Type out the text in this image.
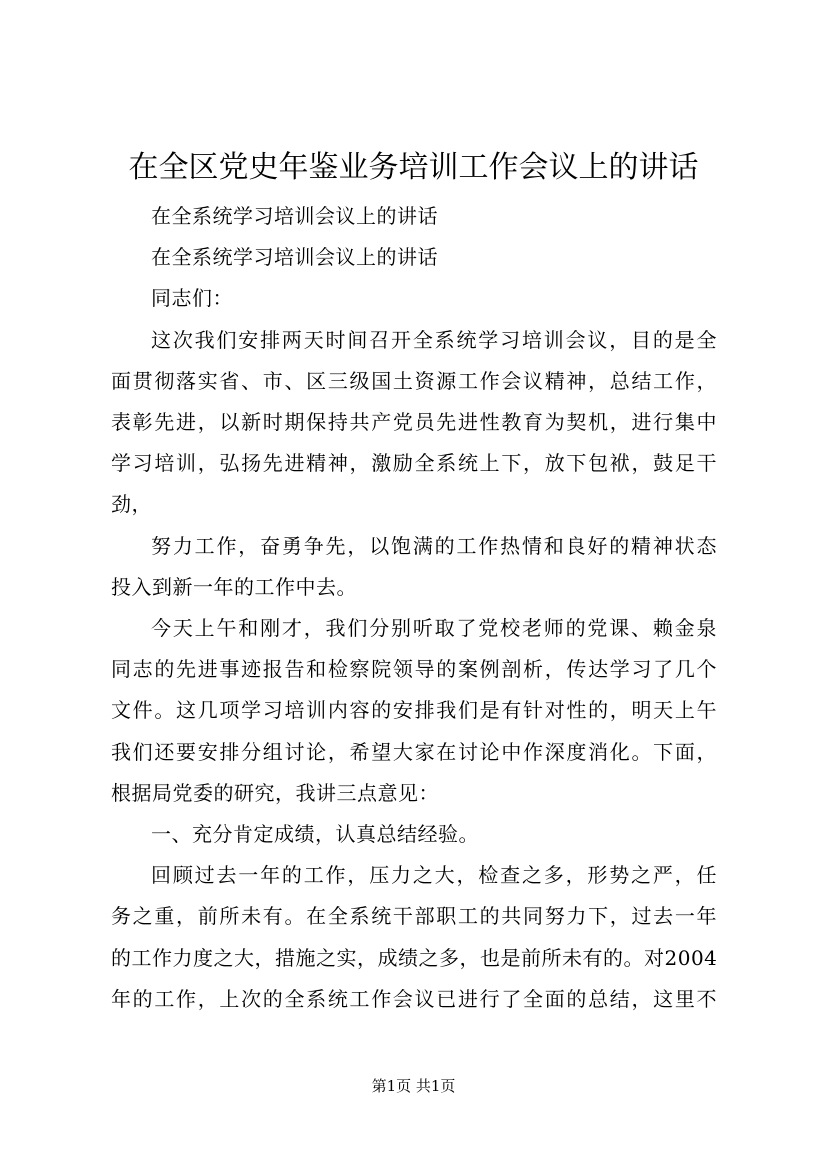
在全区党史年鉴业务培训工作会议上的讲话
在全系统学习培训会议上的讲话
在全系统学习培训会议上的讲话
同志们：
这次我们安排两天时间召开全系统学习培训会议，目的是全
面贯彻落实省、市、区三级国土资源工作会议精神，总结工作，
表彰先进，以新时期保持共产党员先进性教育为契机，进行集中
学习培训，弘扬先进精神，激励全系统上下，放下包袱，鼓足干
劲，
努力工作，奋勇争先，以饱满的工作热情和良好的精神状态
投入到新一年的工作中去。
今天上午和刚才，我们分别听取了党校老师的党课、赖金泉
同志的先进事迹报告和检察院领导的案例剖析，传达学习了几个
文件。这几项学习培训内容的安排我们是有针对性的，明天上午
我们还要安排分组讨论，希望大家在讨论中作深度消化。下面，
根据局党委的研究，我讲三点意见：
一、充分肯定成绩，认真总结经验。
回顾过去一年的工作，压力之大，检查之多，形势之严，任
务之重，前所未有。在全系统干部职工的共同努力下，过去一年
的工作力度之大，措施之实，成绩之多，也是前所未有的。对2004
年的工作，上次的全系统工作会议已进行了全面的总结，这里不
第1页 共1页
